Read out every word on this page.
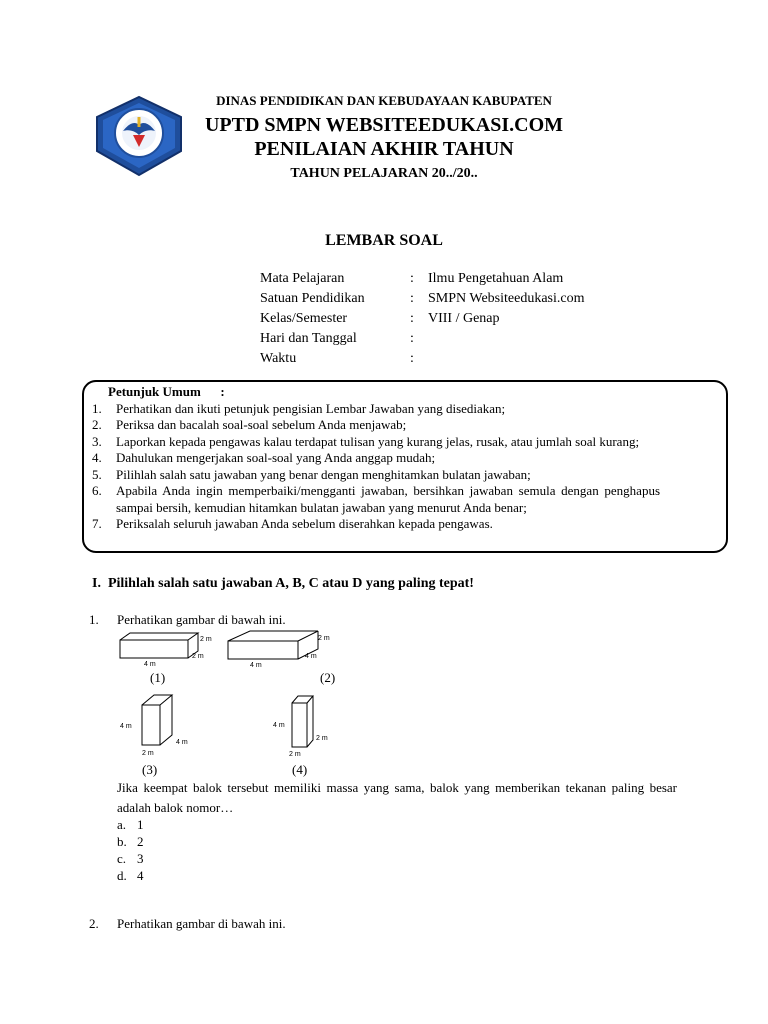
DINAS PENDIDIKAN DAN KEBUDAYAAN KABUPATEN
UPTD SMPN WEBSITEEDUKASI.COM
PENILAIAN AKHIR TAHUN
TAHUN PELAJARAN 20../20..
LEMBAR SOAL
Mata Pelajaran	: Ilmu Pengetahuan Alam
Satuan Pendidikan	: SMPN Websiteedukasi.com
Kelas/Semester	: VIII / Genap
Hari dan Tanggal	:
Waktu	:
Petunjuk Umum      :
1. Perhatikan dan ikuti petunjuk pengisian Lembar Jawaban yang disediakan;
2. Periksa dan bacalah soal-soal sebelum Anda menjawab;
3. Laporkan kepada pengawas kalau terdapat tulisan yang kurang jelas, rusak, atau jumlah soal kurang;
4. Dahulukan mengerjakan soal-soal yang Anda anggap mudah;
5. Pilihlah salah satu jawaban yang benar dengan menghitamkan bulatan jawaban;
6. Apabila Anda ingin memperbaiki/mengganti jawaban, bersihkan jawaban semula dengan penghapus sampai bersih, kemudian hitamkan bulatan jawaban yang menurut Anda benar;
7. Periksalah seluruh jawaban Anda sebelum diserahkan kepada pengawas.
I.  Pilihlah salah satu jawaban A, B, C atau D yang paling tepat!
1. Perhatikan gambar di bawah ini.
2 m
2 m
4 m
2 m
4 m
4 m
4 m
4 m
2 m
4 m
2 m
2 m
(1)	(2)
(3)	(4)
Jika keempat balok tersebut memiliki massa yang sama, balok yang memberikan tekanan paling besar adalah balok nomor…
a. 1
b. 2
c. 3
d. 4
2. Perhatikan gambar di bawah ini.
